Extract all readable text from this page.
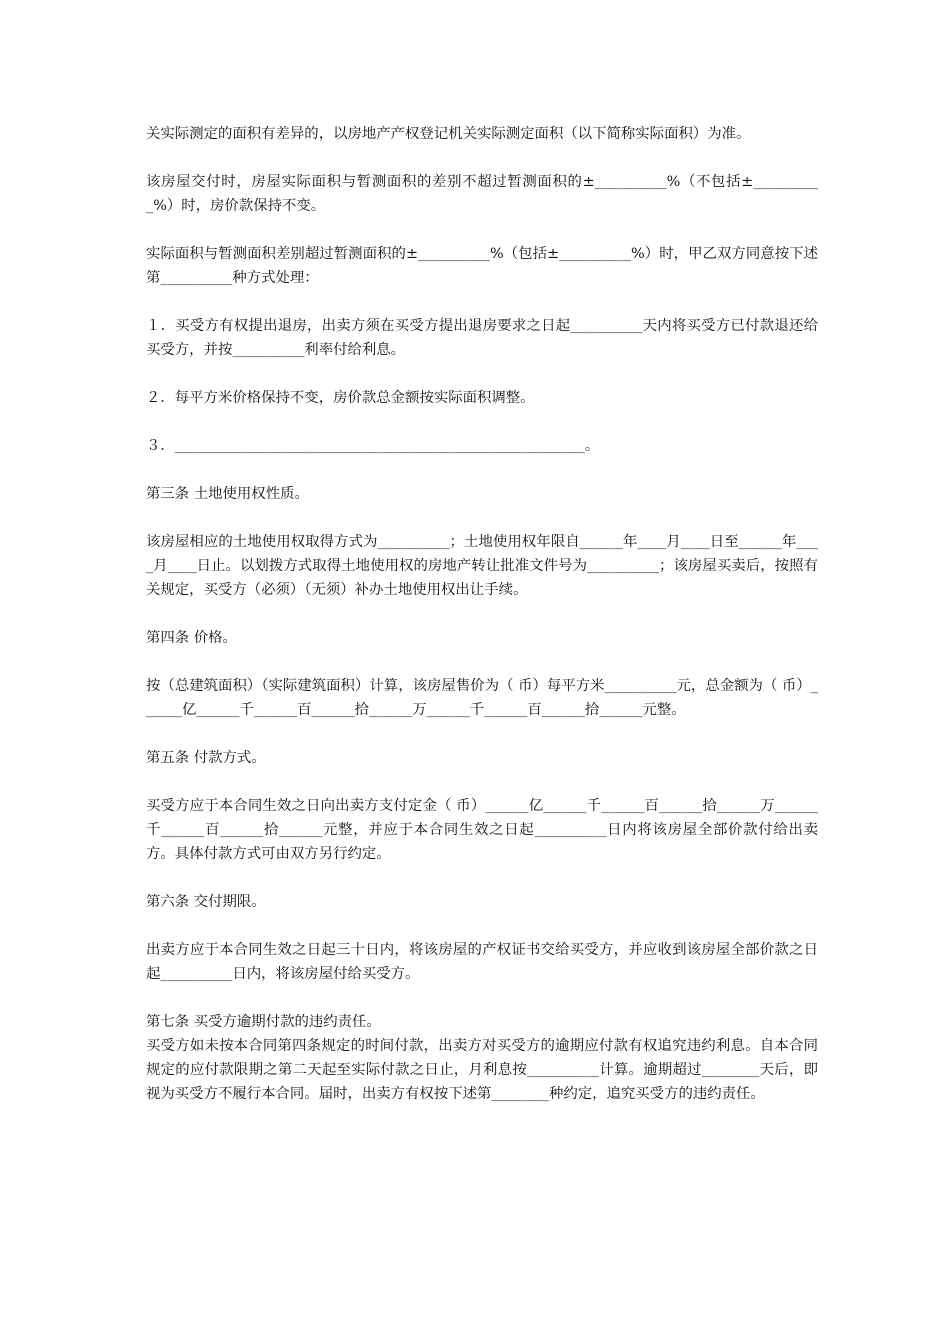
关实际测定的面积有差异的，以房地产产权登记机关实际测定面积（以下简称实际面积）为准。

该房屋交付时，房屋实际面积与暂测面积的差别不超过暂测面积的±__________%（不包括±__________%）时，房价款保持不变。

实际面积与暂测面积差别超过暂测面积的±__________%（包括±__________%）时，甲乙双方同意按下述第__________种方式处理：

１．买受方有权提出退房，出卖方须在买受方提出退房要求之日起__________天内将买受方已付款退还给买受方，并按__________利率付给利息。

２．每平方米价格保持不变，房价款总金额按实际面积调整。

３．_________________________________________________________。

第三条 土地使用权性质。

该房屋相应的土地使用权取得方式为__________；土地使用权年限自______年____月____日至______年____月____日止。以划拨方式取得土地使用权的房地产转让批准文件号为__________；该房屋买卖后，按照有关规定，买受方（必须）（无须）补办土地使用权出让手续。

第四条 价格。

按（总建筑面积）（实际建筑面积）计算，该房屋售价为（ 币）每平方米__________元，总金额为（ 币）______亿______千______百______拾______万______千______百______拾______元整。

第五条 付款方式。

买受方应于本合同生效之日向出卖方支付定金（ 币）______亿______千______百______拾______万______千______百______拾______元整，并应于本合同生效之日起__________日内将该房屋全部价款付给出卖方。具体付款方式可由双方另行约定。

第六条 交付期限。

出卖方应于本合同生效之日起三十日内，将该房屋的产权证书交给买受方，并应收到该房屋全部价款之日起__________日内，将该房屋付给买受方。

第七条 买受方逾期付款的违约责任。

买受方如未按本合同第四条规定的时间付款，出卖方对买受方的逾期应付款有权追究违约利息。自本合同规定的应付款限期之第二天起至实际付款之日止，月利息按__________计算。逾期超过________天后，即视为买受方不履行本合同。届时，出卖方有权按下述第________种约定，追究买受方的违约责任。
